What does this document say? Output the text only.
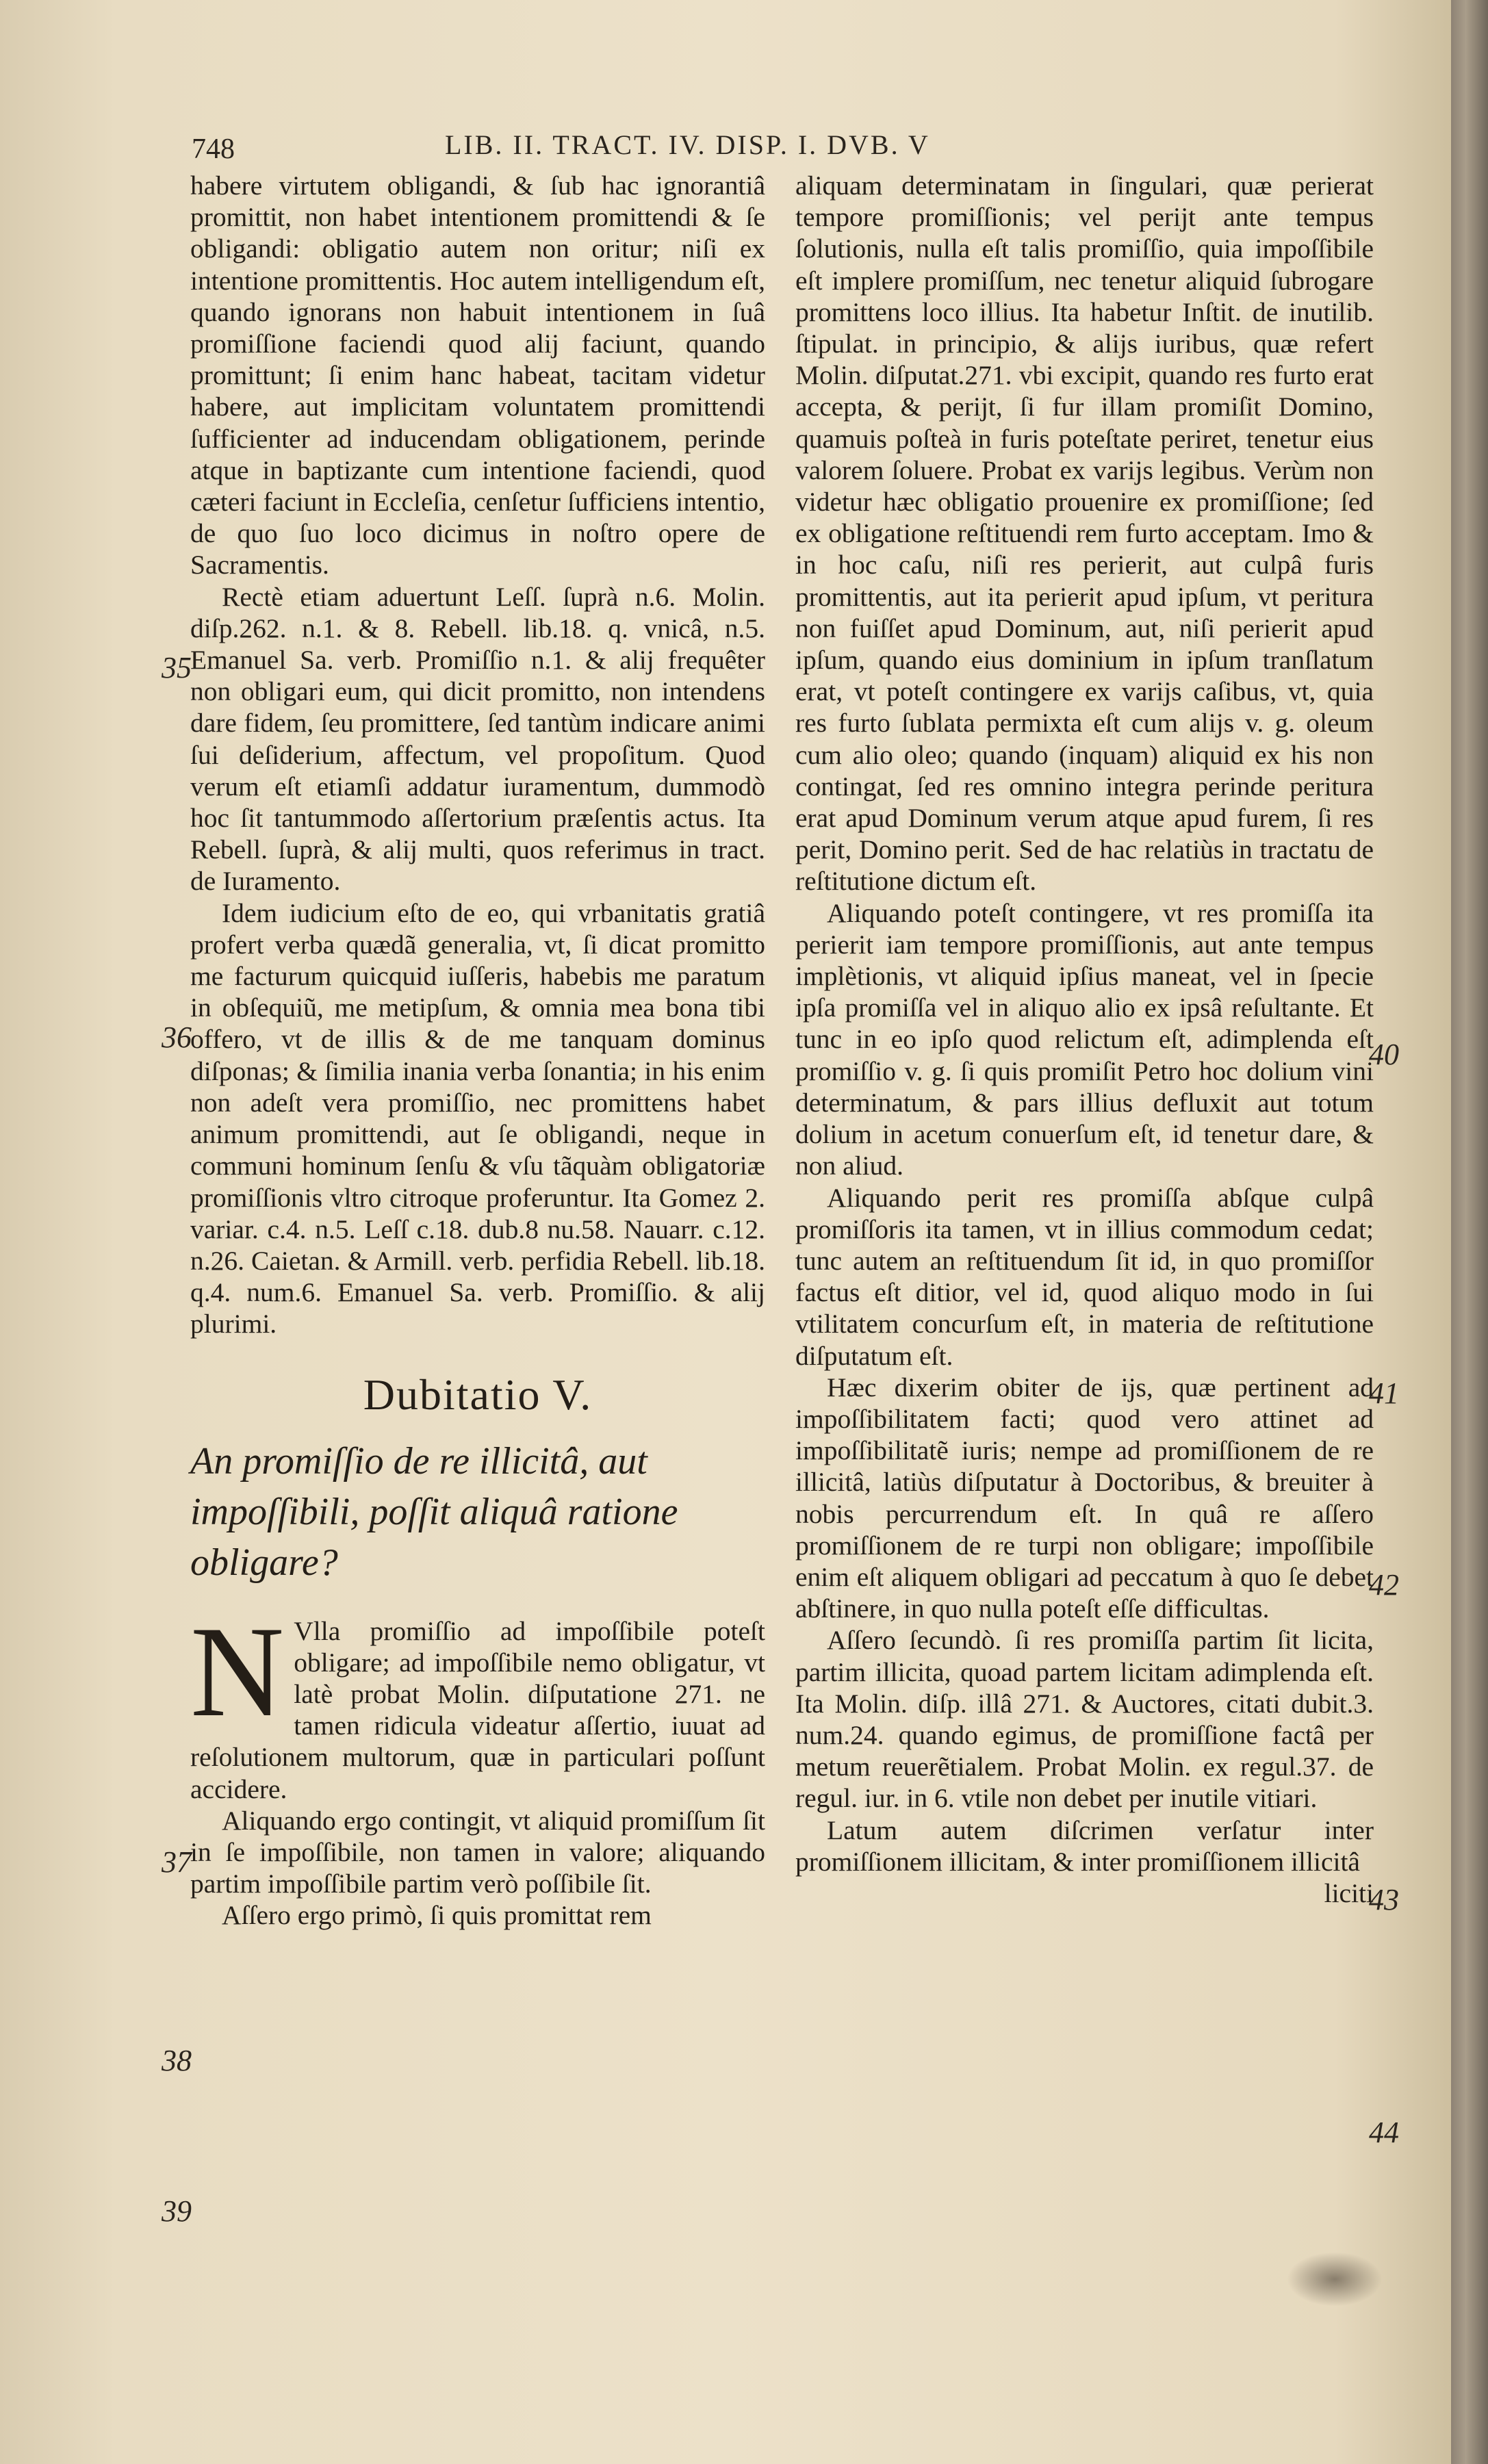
748	LIB. II. TRACT. IV. DISP. I. DVB. V
35
36
37
38
39
40
41
42
43
44

habere virtutem obligandi, & ſub hac ignorantiâ promittit, non habet intentionem promittendi & ſe obligandi: obligatio autem non oritur; niſi ex intentione promittentis. Hoc autem intelligendum eſt, quando ignorans non habuit intentionem in ſuâ promiſſione faciendi quod alij faciunt, quando promittunt; ſi enim hanc habeat, tacitam videtur habere, aut implicitam voluntatem promittendi ſufficienter ad inducendam obligationem, perinde atque in baptizante cum intentione faciendi, quod cæteri faciunt in Eccleſia, cenſetur ſufficiens intentio, de quo ſuo loco dicimus in noſtro opere de Sacramentis.

Rectè etiam aduertunt Leſſ. ſuprà n.6. Molin. diſp.262. n.1. & 8. Rebell. lib.18. q. vnicâ, n.5. Emanuel Sa. verb. Promiſſio n.1. & alij frequêter non obligari eum, qui dicit promitto, non intendens dare fidem, ſeu promittere, ſed tantùm indicare animi ſui deſiderium, affectum, vel propoſitum. Quod verum eſt etiamſi addatur iuramentum, dummodò hoc ſit tantummodo aſſertorium præſentis actus. Ita Rebell. ſuprà, & alij multi, quos referimus in tract. de Iuramento.

Idem iudicium eſto de eo, qui vrbanitatis gratiâ profert verba quædã generalia, vt, ſi dicat promitto me facturum quicquid iuſſeris, habebis me paratum in obſequiũ, me metipſum, & omnia mea bona tibi offero, vt de illis & de me tanquam dominus diſponas; & ſimilia inania verba ſonantia; in his enim non adeſt vera promiſſio, nec promittens habet animum promittendi, aut ſe obligandi, neque in communi hominum ſenſu & vſu tãquàm obligatoriæ promiſſionis vltro citroque proferuntur. Ita Gomez 2. variar. c.4. n.5. Leſſ c.18. dub.8 nu.58. Nauarr. c.12. n.26. Caietan. & Armill. verb. perfidia Rebell. lib.18. q.4. num.6. Emanuel Sa. verb. Promiſſio. & alij plurimi.

Dubitatio V.
An promiſſio de re illicitâ, aut impoſſibili, poſſit aliquâ ratione obligare?

N Vlla promiſſio ad impoſſibile poteſt obligare; ad impoſſibile nemo obligatur, vt latè probat Molin. diſputatione 271. ne tamen ridicula videatur aſſertio, iuuat ad reſolutionem multorum, quæ in particulari poſſunt accidere.

Aliquando ergo contingit, vt aliquid promiſſum ſit in ſe impoſſibile, non tamen in valore; aliquando partim impoſſibile partim verò poſſibile ſit.

Aſſero ergo primò, ſi quis promittat rem

aliquam determinatam in ſingulari, quæ perierat tempore promiſſionis; vel perijt ante tempus ſolutionis, nulla eſt talis promiſſio, quia impoſſibile eſt implere promiſſum, nec tenetur aliquid ſubrogare promittens loco illius. Ita habetur Inſtit. de inutilib. ſtipulat. in principio, & alijs iuribus, quæ refert Molin. diſputat.271. vbi excipit, quando res furto erat accepta, & perijt, ſi fur illam promiſit Domino, quamuis poſteà in furis poteſtate periret, tenetur eius valorem ſoluere. Probat ex varijs legibus. Verùm non videtur hæc obligatio prouenire ex promiſſione; ſed ex obligatione reſtituendi rem furto acceptam. Imo & in hoc caſu, niſi res perierit, aut culpâ furis promittentis, aut ita perierit apud ipſum, vt peritura non fuiſſet apud Dominum, aut, niſi perierit apud ipſum, quando eius dominium in ipſum tranſlatum erat, vt poteſt contingere ex varijs caſibus, vt, quia res furto ſublata permixta eſt cum alijs v. g. oleum cum alio oleo; quando (inquam) aliquid ex his non contingat, ſed res omnino integra perinde peritura erat apud Dominum verum atque apud furem, ſi res perit, Domino perit. Sed de hac relatiùs in tractatu de reſtitutione dictum eſt.

Aliquando poteſt contingere, vt res promiſſa ita perierit iam tempore promiſſionis, aut ante tempus implètionis, vt aliquid ipſius maneat, vel in ſpecie ipſa promiſſa vel in aliquo alio ex ipsâ reſultante. Et tunc in eo ipſo quod relictum eſt, adimplenda eſt promiſſio v. g. ſi quis promiſit Petro hoc dolium vini determinatum, & pars illius defluxit aut totum dolium in acetum conuerſum eſt, id tenetur dare, & non aliud.

Aliquando perit res promiſſa abſque culpâ promiſſoris ita tamen, vt in illius commodum cedat; tunc autem an reſtituendum ſit id, in quo promiſſor factus eſt ditior, vel id, quod aliquo modo in ſui vtilitatem concurſum eſt, in materia de reſtitutione diſputatum eſt.

Hæc dixerim obiter de ijs, quæ pertinent ad impoſſibilitatem facti; quod vero attinet ad impoſſibilitatẽ iuris; nempe ad promiſſionem de re illicitâ, latiùs diſputatur à Doctoribus, & breuiter à nobis percurrendum eſt. In quâ re aſſero promiſſionem de re turpi non obligare; impoſſibile enim eſt aliquem obligari ad peccatum à quo ſe debet abſtinere, in quo nulla poteſt eſſe difficultas.

Aſſero ſecundò. ſi res promiſſa partim ſit licita, partim illicita, quoad partem licitam adimplenda eſt. Ita Molin. diſp. illâ 271. & Auctores, citati dubit.3. num.24. quando egimus, de promiſſione factâ per metum reuerẽtialem. Probat Molin. ex regul.37. de regul. iur. in 6. vtile non debet per inutile vitiari.

Latum autem diſcrimen verſatur inter promiſſionem illicitam, & inter promiſſionem illicitâ

liciti
